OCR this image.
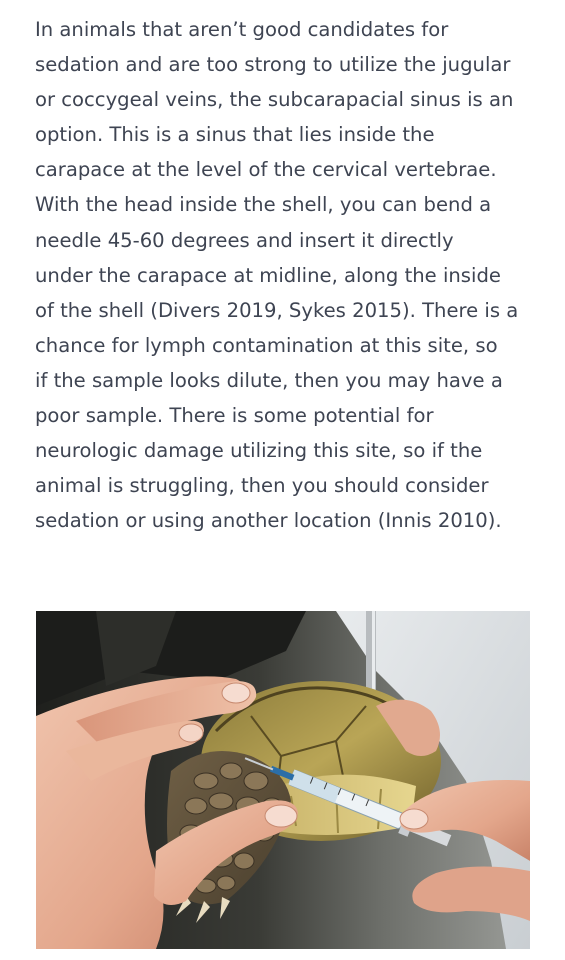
In animals that aren’t good candidates for
sedation and are too strong to utilize the jugular
or coccygeal veins, the subcarapacial sinus is an
option. This is a sinus that lies inside the
carapace at the level of the cervical vertebrae.
With the head inside the shell, you can bend a
needle 45-60 degrees and insert it directly
under the carapace at midline, along the inside
of the shell (Divers 2019, Sykes 2015). There is a
chance for lymph contamination at this site, so
if the sample looks dilute, then you may have a
poor sample. There is some potential for
neurologic damage utilizing this site, so if the
animal is struggling, then you should consider
sedation or using another location (Innis 2010).
